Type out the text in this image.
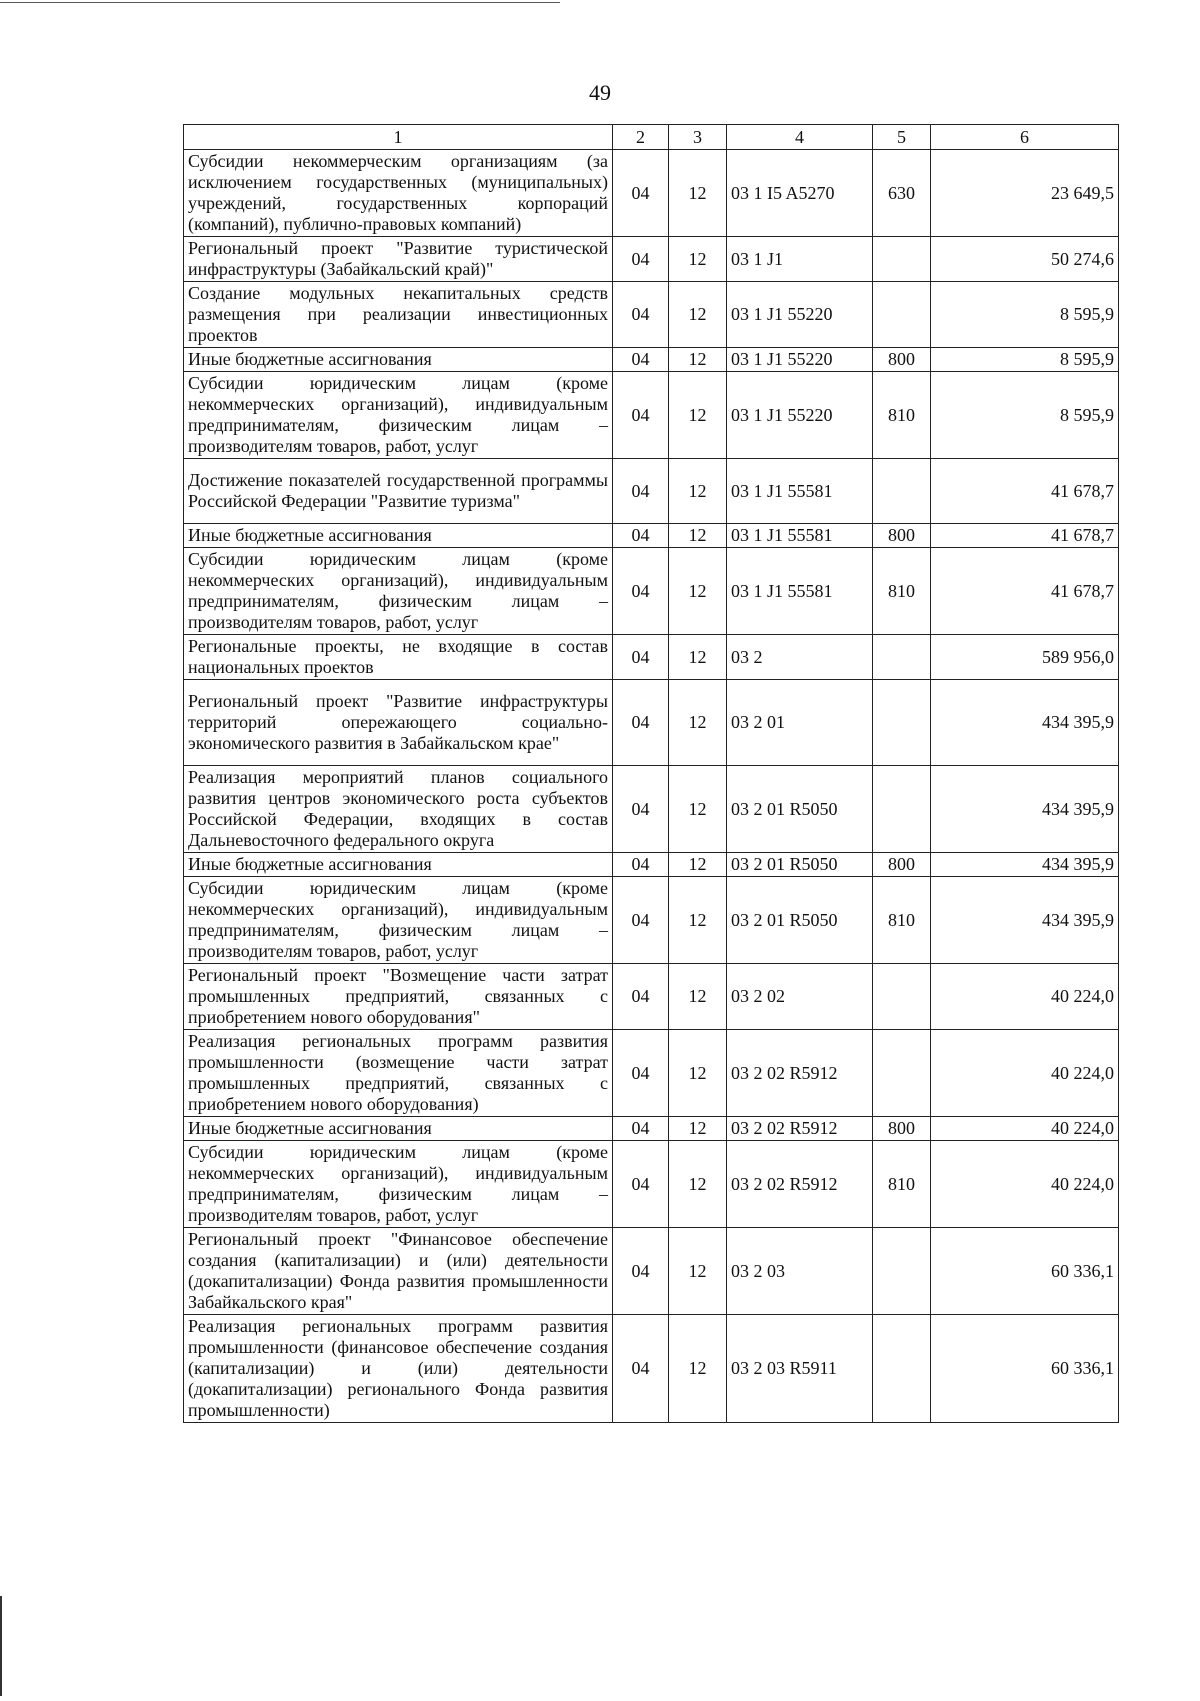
49
1	2	3	4	5	6
Субсидии некоммерческим организациям (за исключением государственных (муниципальных) учреждений, государственных корпораций (компаний), публично-правовых компаний)	04	12	03 1 I5 A5270	630	23 649,5
Региональный проект "Развитие туристической инфраструктуры (Забайкальский край)"	04	12	03 1 J1		50 274,6
Создание модульных некапитальных средств размещения при реализации инвестиционных проектов	04	12	03 1 J1 55220		8 595,9
Иные бюджетные ассигнования	04	12	03 1 J1 55220	800	8 595,9
Субсидии юридическим лицам (кроме некоммерческих организаций), индивидуальным предпринимателям, физическим лицам – производителям товаров, работ, услуг	04	12	03 1 J1 55220	810	8 595,9
Достижение показателей государственной программы Российской Федерации "Развитие туризма"	04	12	03 1 J1 55581		41 678,7
Иные бюджетные ассигнования	04	12	03 1 J1 55581	800	41 678,7
Субсидии юридическим лицам (кроме некоммерческих организаций), индивидуальным предпринимателям, физическим лицам – производителям товаров, работ, услуг	04	12	03 1 J1 55581	810	41 678,7
Региональные проекты, не входящие в состав национальных проектов	04	12	03 2		589 956,0
Региональный проект "Развитие инфраструктуры территорий опережающего социально-экономического развития в Забайкальском крае"	04	12	03 2 01		434 395,9
Реализация мероприятий планов социального развития центров экономического роста субъектов Российской Федерации, входящих в состав Дальневосточного федерального округа	04	12	03 2 01 R5050		434 395,9
Иные бюджетные ассигнования	04	12	03 2 01 R5050	800	434 395,9
Субсидии юридическим лицам (кроме некоммерческих организаций), индивидуальным предпринимателям, физическим лицам – производителям товаров, работ, услуг	04	12	03 2 01 R5050	810	434 395,9
Региональный проект "Возмещение части затрат промышленных предприятий, связанных с приобретением нового оборудования"	04	12	03 2 02		40 224,0
Реализация региональных программ развития промышленности (возмещение части затрат промышленных предприятий, связанных с приобретением нового оборудования)	04	12	03 2 02 R5912		40 224,0
Иные бюджетные ассигнования	04	12	03 2 02 R5912	800	40 224,0
Субсидии юридическим лицам (кроме некоммерческих организаций), индивидуальным предпринимателям, физическим лицам – производителям товаров, работ, услуг	04	12	03 2 02 R5912	810	40 224,0
Региональный проект "Финансовое обеспечение создания (капитализации) и (или) деятельности (докапитализации) Фонда развития промышленности Забайкальского края"	04	12	03 2 03		60 336,1
Реализация региональных программ развития промышленности (финансовое обеспечение создания (капитализации) и (или) деятельности (докапитализации) регионального Фонда развития промышленности)	04	12	03 2 03 R5911		60 336,1
